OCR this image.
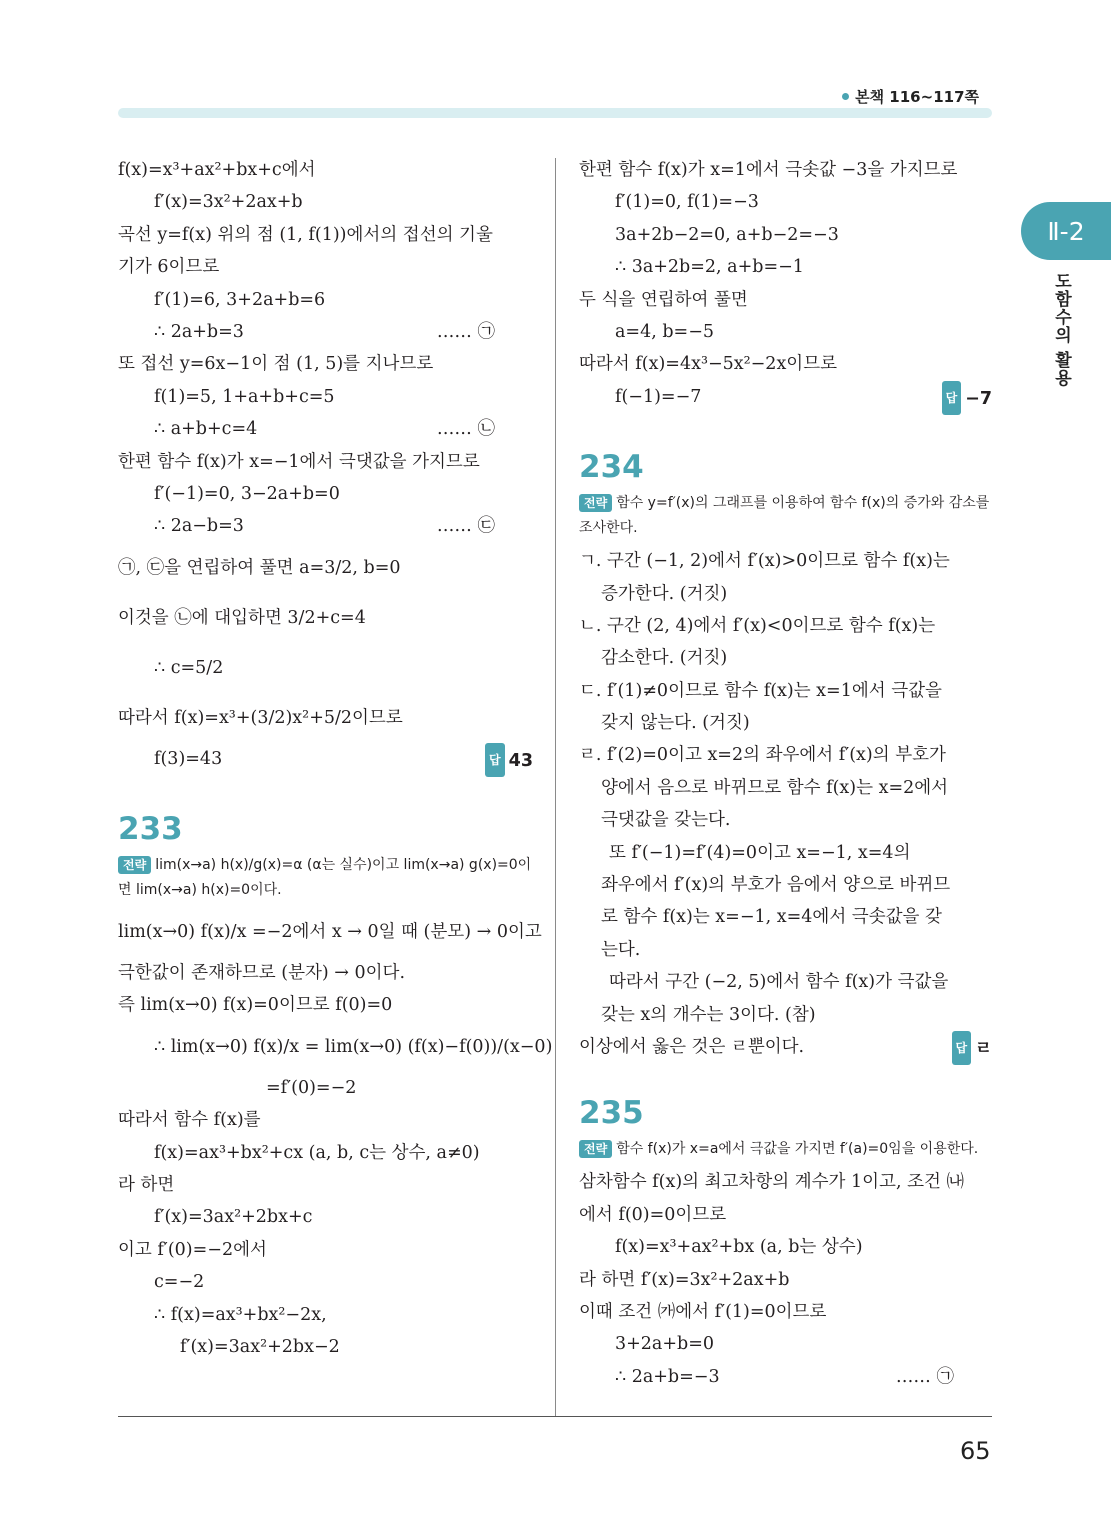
본책 116~117쪽
Ⅱ-2
도함수의 활용
f(x)=x³+ax²+bx+c에서
f′(x)=3x²+2ax+b
곡선 y=f(x) 위의 점 (1, f(1))에서의 접선의 기울
기가 6이므로
f′(1)=6, 3+2a+b=6
∴ 2a+b=3	…… ㉠
또 접선 y=6x−1이 점 (1, 5)를 지나므로
f(1)=5, 1+a+b+c=5
∴ a+b+c=4	…… ㉡
한편 함수 f(x)가 x=−1에서 극댓값을 가지므로
f′(−1)=0, 3−2a+b=0
∴ 2a−b=3	…… ㉢
㉠, ㉢을 연립하여 풀면 a=3/2, b=0
이것을 ㉡에 대입하면 3/2+c=4
∴ c=5/2
따라서 f(x)=x³+(3/2)x²+5/2이므로
f(3)=43	답 43
233
전략 lim(x→a) h(x)/g(x)=α (α는 실수)이고 lim(x→a) g(x)=0이면 lim(x→a) h(x)=0이다.
lim(x→0) f(x)/x =−2에서 x → 0일 때 (분모) → 0이고
극한값이 존재하므로 (분자) → 0이다.
즉 lim(x→0) f(x)=0이므로 f(0)=0
∴ lim(x→0) f(x)/x = lim(x→0) (f(x)−f(0))/(x−0)
=f′(0)=−2
따라서 함수 f(x)를
f(x)=ax³+bx²+cx (a, b, c는 상수, a≠0)
라 하면
f′(x)=3ax²+2bx+c
이고 f′(0)=−2에서
c=−2
∴ f(x)=ax³+bx²−2x,
f′(x)=3ax²+2bx−2
한편 함수 f(x)가 x=1에서 극솟값 −3을 가지므로
f′(1)=0, f(1)=−3
3a+2b−2=0, a+b−2=−3
∴ 3a+2b=2, a+b=−1
두 식을 연립하여 풀면
a=4, b=−5
따라서 f(x)=4x³−5x²−2x이므로
f(−1)=−7	답 −7
234
전략 함수 y=f′(x)의 그래프를 이용하여 함수 f(x)의 증가와 감소를 조사한다.
ㄱ. 구간 (−1, 2)에서 f′(x)>0이므로 함수 f(x)는
증가한다. (거짓)
ㄴ. 구간 (2, 4)에서 f′(x)<0이므로 함수 f(x)는
감소한다. (거짓)
ㄷ. f′(1)≠0이므로 함수 f(x)는 x=1에서 극값을
갖지 않는다. (거짓)
ㄹ. f′(2)=0이고 x=2의 좌우에서 f′(x)의 부호가
양에서 음으로 바뀌므로 함수 f(x)는 x=2에서
극댓값을 갖는다.
또 f′(−1)=f′(4)=0이고 x=−1, x=4의
좌우에서 f′(x)의 부호가 음에서 양으로 바뀌므
로 함수 f(x)는 x=−1, x=4에서 극솟값을 갖
는다.
따라서 구간 (−2, 5)에서 함수 f(x)가 극값을
갖는 x의 개수는 3이다. (참)
이상에서 옳은 것은 ㄹ뿐이다.	답 ㄹ
235
전략 함수 f(x)가 x=a에서 극값을 가지면 f′(a)=0임을 이용한다.
삼차함수 f(x)의 최고차항의 계수가 1이고, 조건 ㈏
에서 f(0)=0이므로
f(x)=x³+ax²+bx (a, b는 상수)
라 하면 f′(x)=3x²+2ax+b
이때 조건 ㈎에서 f′(1)=0이므로
3+2a+b=0
∴ 2a+b=−3	…… ㉠
65
